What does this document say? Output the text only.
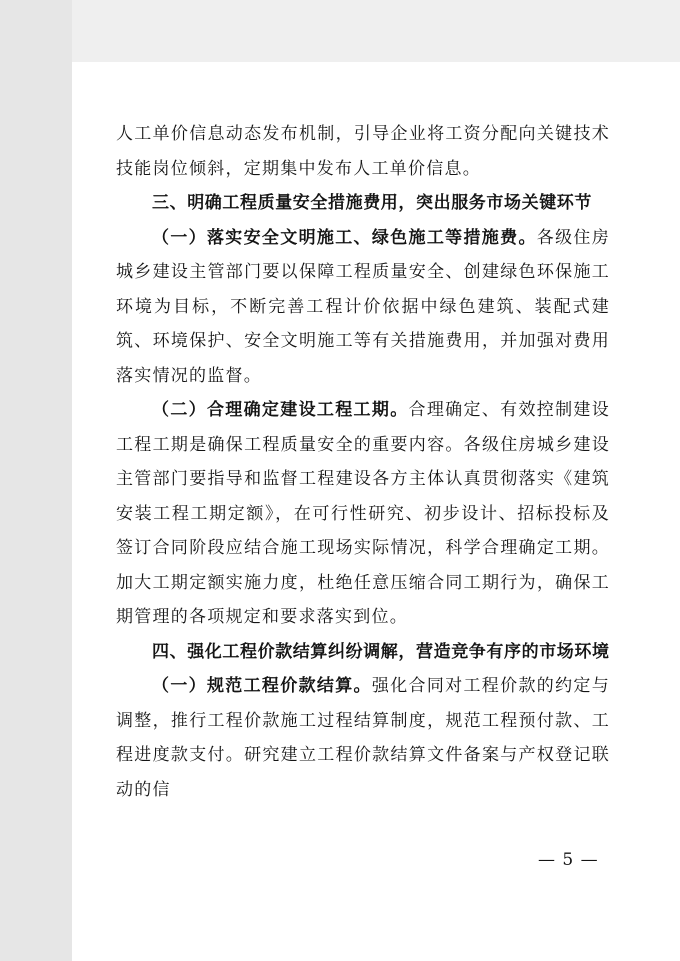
人工单价信息动态发布机制，引导企业将工资分配向关键技术技能岗位倾斜，定期集中发布人工单价信息。

三、明确工程质量安全措施费用，突出服务市场关键环节

（一）落实安全文明施工、绿色施工等措施费。各级住房城乡建设主管部门要以保障工程质量安全、创建绿色环保施工环境为目标，不断完善工程计价依据中绿色建筑、装配式建筑、环境保护、安全文明施工等有关措施费用，并加强对费用落实情况的监督。

（二）合理确定建设工程工期。合理确定、有效控制建设工程工期是确保工程质量安全的重要内容。各级住房城乡建设主管部门要指导和监督工程建设各方主体认真贯彻落实《建筑安装工程工期定额》，在可行性研究、初步设计、招标投标及签订合同阶段应结合施工现场实际情况，科学合理确定工期。加大工期定额实施力度，杜绝任意压缩合同工期行为，确保工期管理的各项规定和要求落实到位。

四、强化工程价款结算纠纷调解，营造竞争有序的市场环境

（一）规范工程价款结算。强化合同对工程价款的约定与调整，推行工程价款施工过程结算制度，规范工程预付款、工程进度款支付。研究建立工程价款结算文件备案与产权登记联动的信

— 5 —
